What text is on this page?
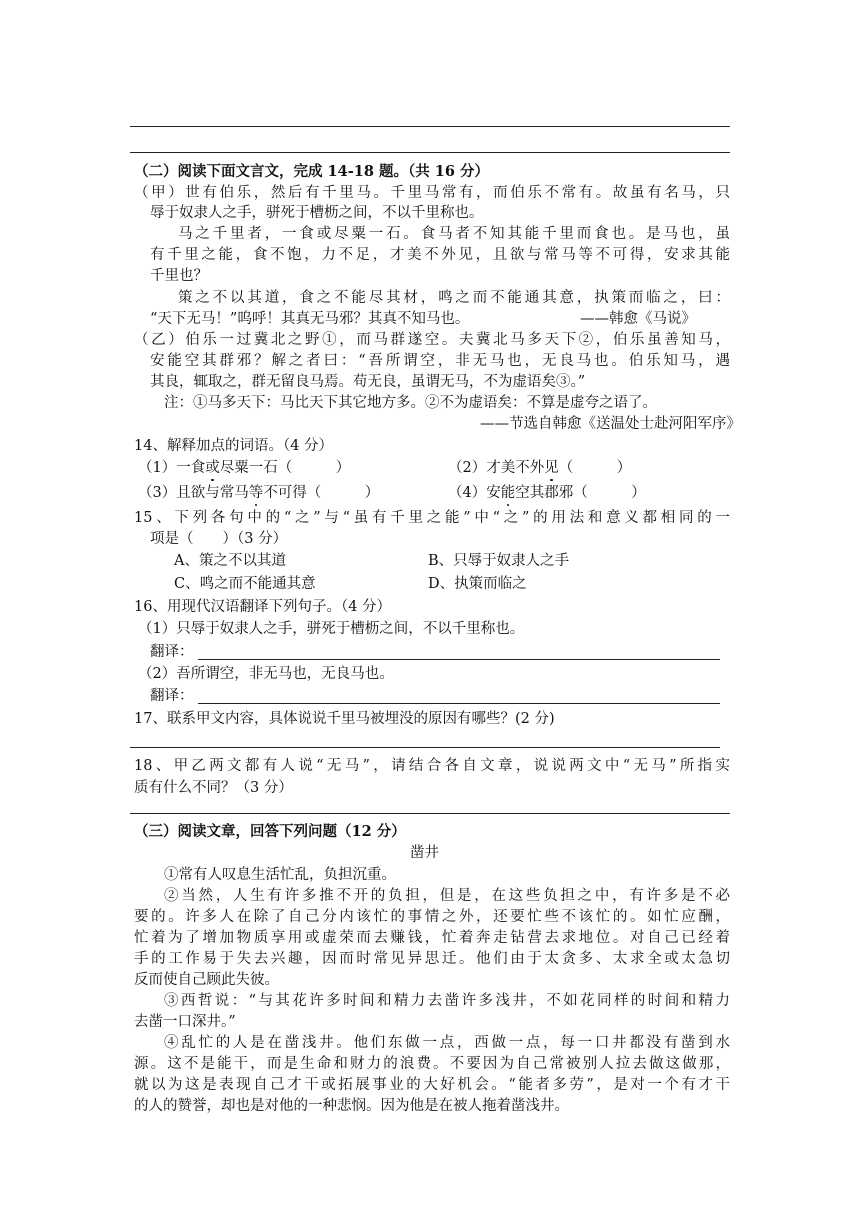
（二）阅读下面文言文，完成 14-18 题。（共 16 分）
（甲）世有伯乐，然后有千里马。千里马常有，而伯乐不常有。故虽有名马，只
辱于奴隶人之手，骈死于槽枥之间，不以千里称也。
马之千里者，一食或尽粟一石。食马者不知其能千里而食也。是马也，虽
有千里之能，食不饱，力不足，才美不外见，且欲与常马等不可得，安求其能
千里也？
策之不以其道，食之不能尽其材，鸣之而不能通其意，执策而临之，曰：
“天下无马！”呜呼！其真无马邪？其真不知马也。	——韩愈《马说》
（乙）伯乐一过冀北之野①，而马群遂空。夫冀北马多天下②，伯乐虽善知马，
安能空其群邪？解之者曰：“吾所谓空，非无马也，无良马也。伯乐知马，遇
其良，辄取之，群无留良马焉。苟无良，虽谓无马，不为虚语矣③。”
注：①马多天下：马比天下其它地方多。②不为虚语矣：不算是虚夸之语了。
——节选自韩愈《送温处士赴河阳军序》
14、解释加点的词语。（4 分）
（1）一食或尽粟一石（　　　）	（2）才美不外见（　　　）
（3）且欲与常马等不可得（　　　）	（4）安能空其郡邪（　　　）
15、下列各句中的“之”与“虽有千里之能”中“之”的用法和意义都相同的一
项是（　　）（3 分）
A、策之不以其道	B、只辱于奴隶人之手
C、鸣之而不能通其意	D、执策而临之
16、用现代汉语翻译下列句子。（4 分）
（1）只辱于奴隶人之手，骈死于槽枥之间，不以千里称也。
翻译：
（2）吾所谓空，非无马也，无良马也。
翻译：
17、联系甲文内容，具体说说千里马被埋没的原因有哪些？(2 分)
18、甲乙两文都有人说“无马”，请结合各自文章，说说两文中“无马”所指实
质有什么不同？（3 分）
（三）阅读文章，回答下列问题（12 分）
凿井
①常有人叹息生活忙乱，负担沉重。
②当然，人生有许多推不开的负担，但是，在这些负担之中，有许多是不必
要的。许多人在除了自己分内该忙的事情之外，还要忙些不该忙的。如忙应酬，
忙着为了增加物质享用或虚荣而去赚钱，忙着奔走钻营去求地位。对自己已经着
手的工作易于失去兴趣，因而时常见异思迁。他们由于太贪多、太求全或太急切
反而使自己顾此失彼。
③西哲说：“与其花许多时间和精力去凿许多浅井，不如花同样的时间和精力
去凿一口深井。”
④乱忙的人是在凿浅井。他们东做一点，西做一点，每一口井都没有凿到水
源。这不是能干，而是生命和财力的浪费。不要因为自己常被别人拉去做这做那，
就以为这是表现自己才干或拓展事业的大好机会。“能者多劳”，是对一个有才干
的人的赞誉，却也是对他的一种悲悯。因为他是在被人拖着凿浅井。
